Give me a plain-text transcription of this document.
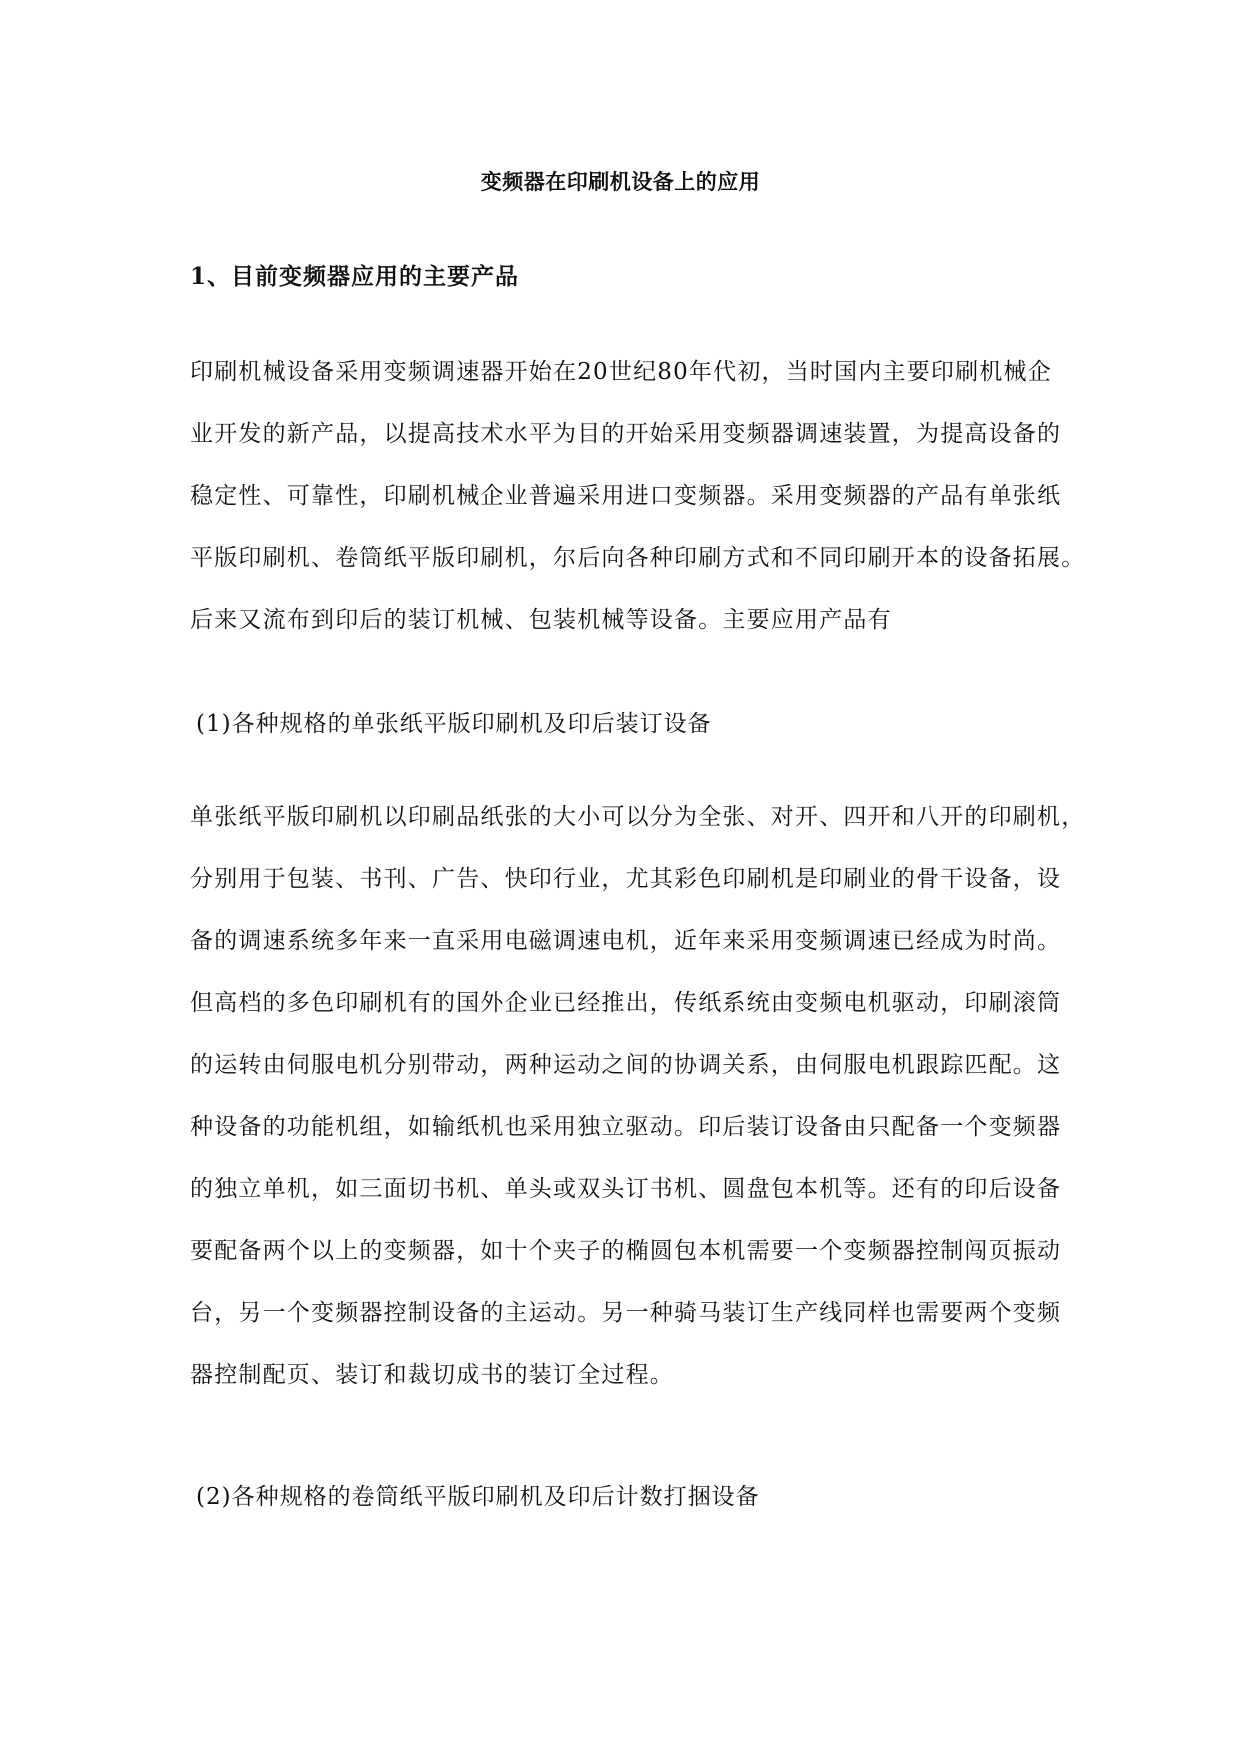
变频器在印刷机设备上的应用
1、目前变频器应用的主要产品

印刷机械设备采用变频调速器开始在20世纪80年代初，当时国内主要印刷机械企
业开发的新产品，以提高技术水平为目的开始采用变频器调速装置，为提高设备的
稳定性、可靠性，印刷机械企业普遍采用进口变频器。采用变频器的产品有单张纸
平版印刷机、卷筒纸平版印刷机，尔后向各种印刷方式和不同印刷开本的设备拓展。
后来又流布到印后的装订机械、包装机械等设备。主要应用产品有

(1)各种规格的单张纸平版印刷机及印后装订设备

单张纸平版印刷机以印刷品纸张的大小可以分为全张、对开、四开和八开的印刷机，
分别用于包装、书刊、广告、快印行业，尤其彩色印刷机是印刷业的骨干设备，设
备的调速系统多年来一直采用电磁调速电机，近年来采用变频调速已经成为时尚。
但高档的多色印刷机有的国外企业已经推出，传纸系统由变频电机驱动，印刷滚筒
的运转由伺服电机分别带动，两种运动之间的协调关系，由伺服电机跟踪匹配。这
种设备的功能机组，如输纸机也采用独立驱动。印后装订设备由只配备一个变频器
的独立单机，如三面切书机、单头或双头订书机、圆盘包本机等。还有的印后设备
要配备两个以上的变频器，如十个夹子的椭圆包本机需要一个变频器控制闯页振动
台，另一个变频器控制设备的主运动。另一种骑马装订生产线同样也需要两个变频
器控制配页、装订和裁切成书的装订全过程。

(2)各种规格的卷筒纸平版印刷机及印后计数打捆设备
